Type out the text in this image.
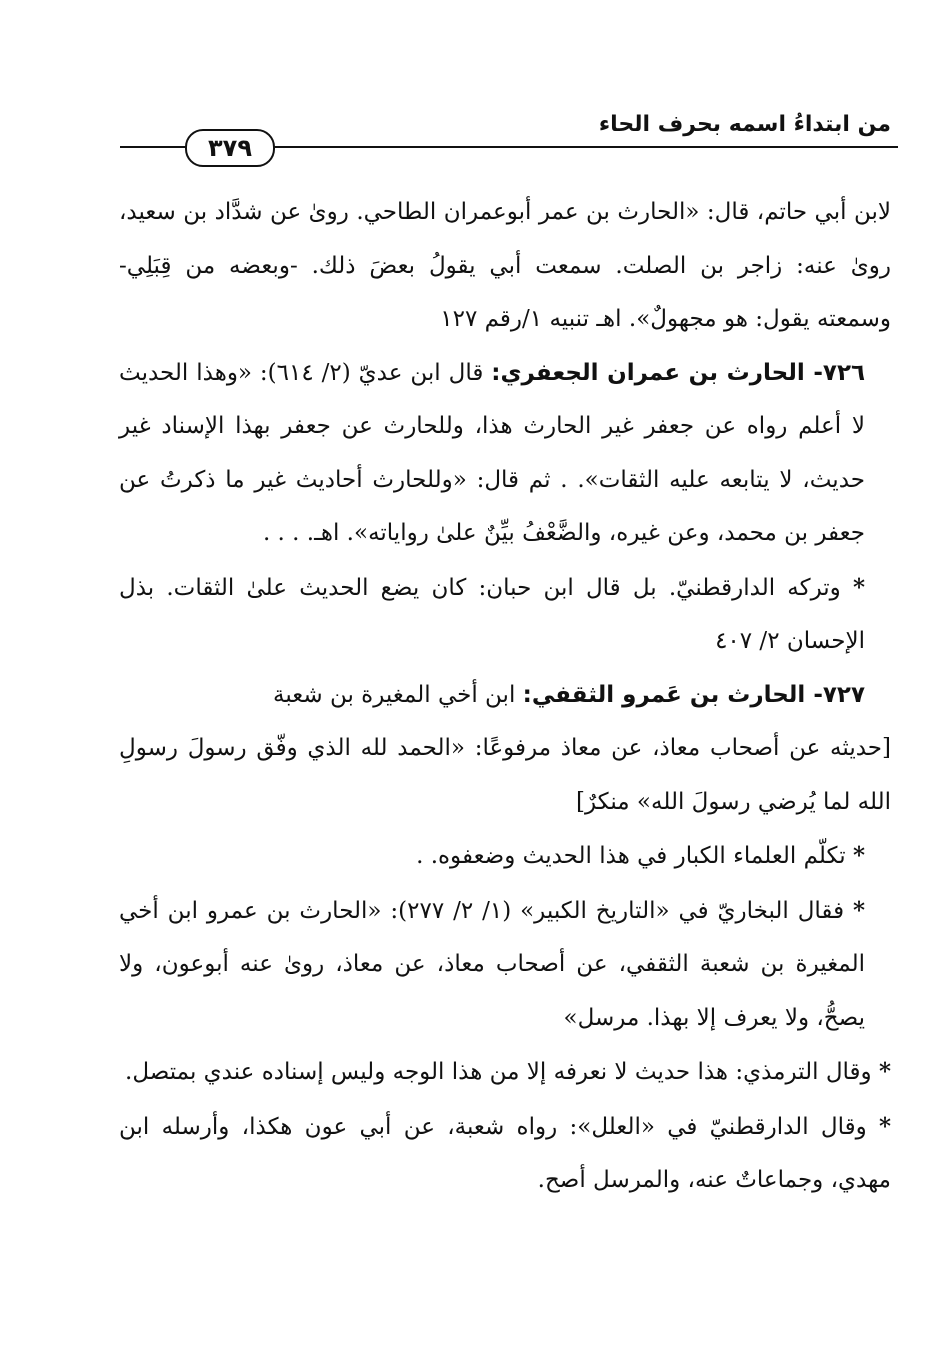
من ابتداءُ اسمه بحرف الحاء
٣٧٩

لابن أبي حاتم، قال: «الحارث بن عمر أبوعمران الطاحي. روىٰ عن شدَّاد بن سعيد، روىٰ عنه: زاجر بن الصلت. سمعت أبي يقولُ بعضَ ذلك. -وبعضه من قِبَلِي- وسمعته يقول: هو مجهولٌ». اهـ تنبيه ١/رقم ١٢٧

٧٢٦- الحارث بن عمران الجعفري: قال ابن عديّ (٢/ ٦١٤): «وهذا الحديث لا أعلم رواه عن جعفر غير الحارث هذا، وللحارث عن جعفر بهذا الإسناد غير حديث، لا يتابعه عليه الثقات». . ثم قال: «وللحارث أحاديث غير ما ذكرتُ عن جعفر بن محمد، وعن غيره، والضَّعْفُ بيِّنٌ علىٰ رواياته». اهـ. . . .

* وتركه الدارقطنيّ. بل قال ابن حبان: كان يضع الحديث علىٰ الثقات. بذل الإحسان ٢/ ٤٠٧

٧٢٧- الحارث بن عَمرو الثقفي: ابن أخي المغيرة بن شعبة

[حديثه عن أصحاب معاذ، عن معاذ مرفوعًا: «الحمد لله الذي وفّق رسولَ رسولِ الله لما يُرضي رسولَ الله» منكرٌ]

* تكلّم العلماء الكبار في هذا الحديث وضعفوه. .

* فقال البخاريّ في «التاريخ الكبير» (١/ ٢/ ٢٧٧): «الحارث بن عمرو ابن أخي المغيرة بن شعبة الثقفي، عن أصحاب معاذ، عن معاذ، روىٰ عنه أبوعون، ولا يصحُّ، ولا يعرف إلا بهذا. مرسل»

* وقال الترمذي: هذا حديث لا نعرفه إلا من هذا الوجه وليس إسناده عندي بمتصل.

* وقال الدارقطنيّ في «العلل»: رواه شعبة، عن أبي عون هكذا، وأرسله ابن مهدي، وجماعاتٌ عنه، والمرسل أصح.
